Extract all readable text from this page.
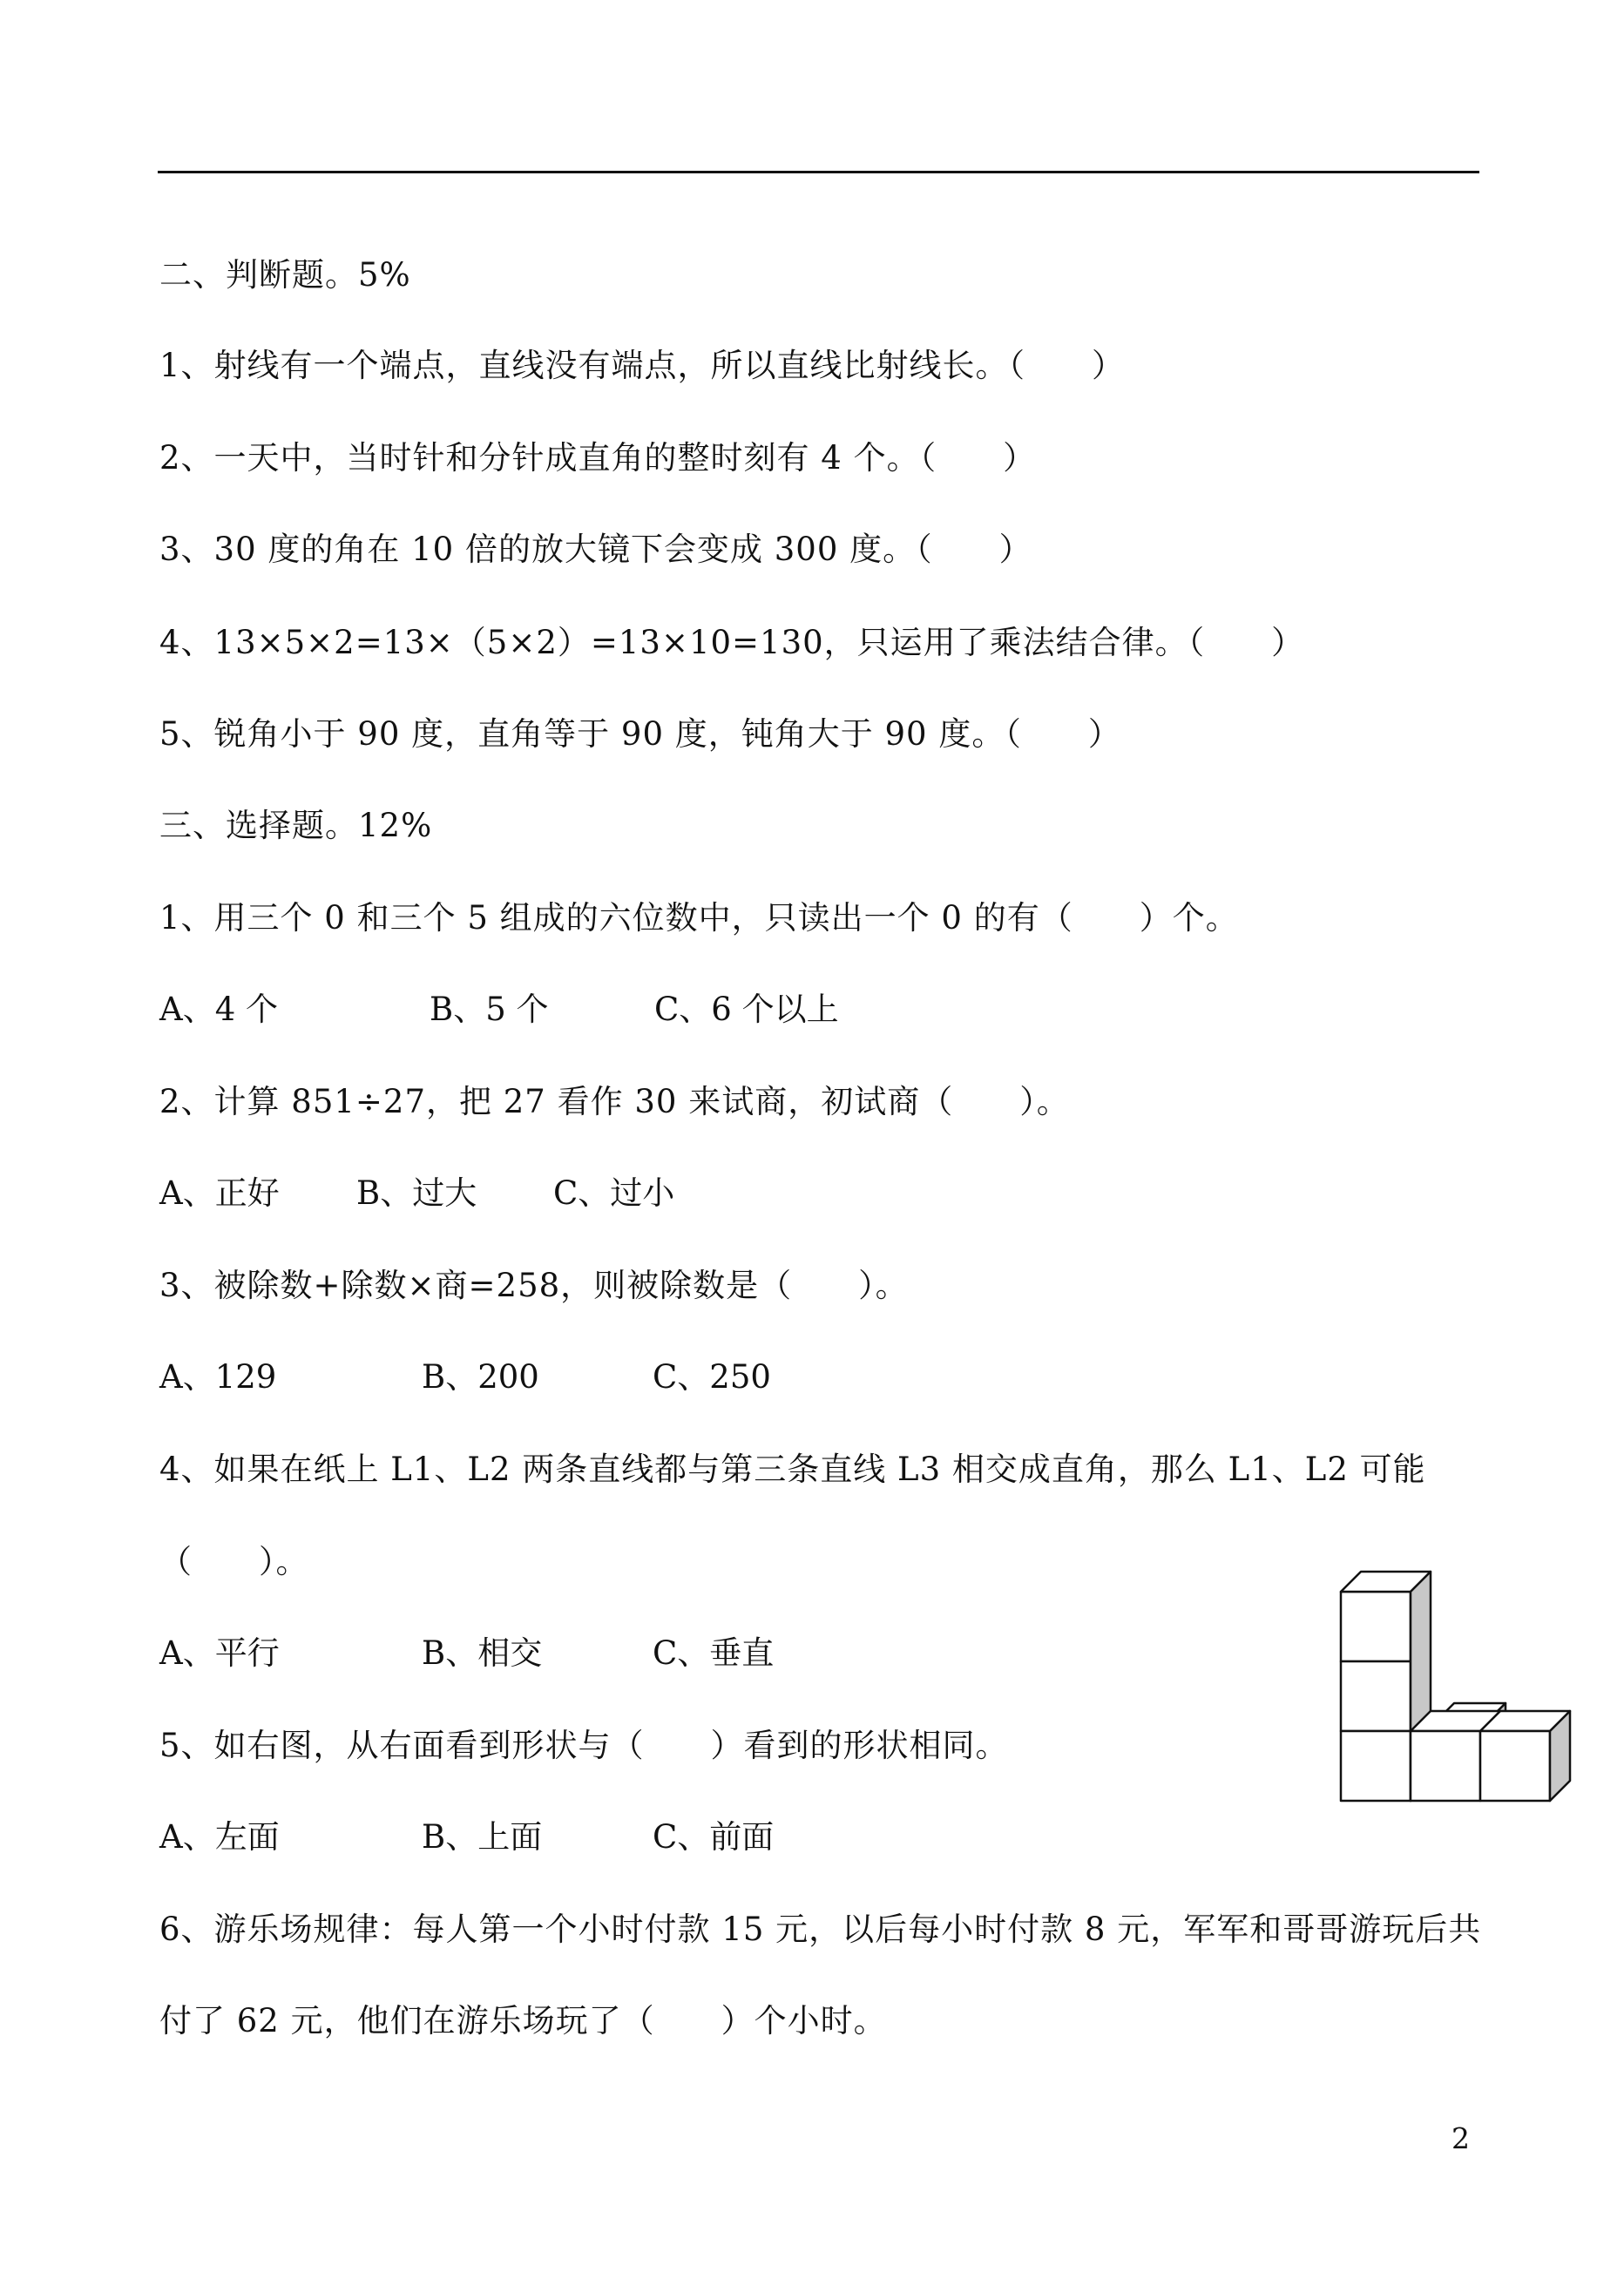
二、判断题。5%
1、射线有一个端点，直线没有端点，所以直线比射线长。（　　）
2、一天中，当时针和分针成直角的整时刻有 4 个。（　　）
3、30 度的角在 10 倍的放大镜下会变成 300 度。（　　）
4、13×5×2=13×（5×2）=13×10=130，只运用了乘法结合律。（　　）
5、锐角小于 90 度，直角等于 90 度，钝角大于 90 度。（　　）
三、选择题。12%
1、用三个 0 和三个 5 组成的六位数中，只读出一个 0 的有（　　）个。

A、4 个

	B、5 个

	C、6 个以上

2、计算 851÷27，把 27 看作 30 来试商，初试商（　　）。

A、正好

B、过大

C、过小

3、被除数+除数×商=258，则被除数是（　　）。

A、129

	B、200

	C、250

4、如果在纸上 L1、L2 两条直线都与第三条直线 L3 相交成直角，那么 L1、L2 可能
（　　）。

A、平行

	B、相交

	C、垂直

5、如右图，从右面看到形状与（　　）看到的形状相同。

A、左面

	B、上面

	C、前面

6、游乐场规律：每人第一个小时付款 15 元，以后每小时付款 8 元，军军和哥哥游玩后共
付了 62 元，他们在游乐场玩了（　　）个小时。
2
